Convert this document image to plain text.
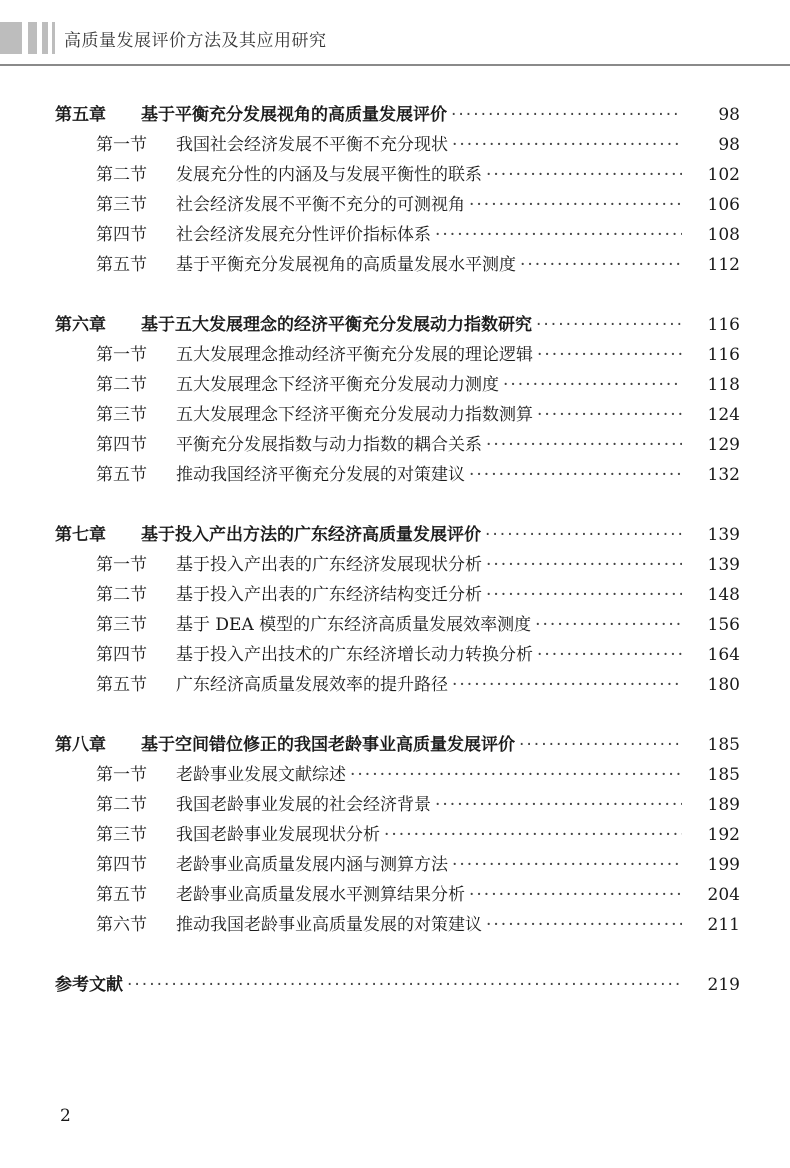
高质量发展评价方法及其应用研究
第五章	基于平衡充分发展视角的高质量发展评价 ·····	98
第一节	我国社会经济发展不平衡不充分现状 ·····	98
第二节	发展充分性的内涵及与发展平衡性的联系 ·····	102
第三节	社会经济发展不平衡不充分的可测视角 ·····	106
第四节	社会经济发展充分性评价指标体系 ·····	108
第五节	基于平衡充分发展视角的高质量发展水平测度 ·····	112
第六章	基于五大发展理念的经济平衡充分发展动力指数研究 ·····	116
第一节	五大发展理念推动经济平衡充分发展的理论逻辑 ·····	116
第二节	五大发展理念下经济平衡充分发展动力测度 ·····	118
第三节	五大发展理念下经济平衡充分发展动力指数测算 ·····	124
第四节	平衡充分发展指数与动力指数的耦合关系 ·····	129
第五节	推动我国经济平衡充分发展的对策建议 ·····	132
第七章	基于投入产出方法的广东经济高质量发展评价 ·····	139
第一节	基于投入产出表的广东经济发展现状分析 ·····	139
第二节	基于投入产出表的广东经济结构变迁分析 ·····	148
第三节	基于 DEA 模型的广东经济高质量发展效率测度 ·····	156
第四节	基于投入产出技术的广东经济增长动力转换分析 ·····	164
第五节	广东经济高质量发展效率的提升路径 ·····	180
第八章	基于空间错位修正的我国老龄事业高质量发展评价 ·····	185
第一节	老龄事业发展文献综述 ·····	185
第二节	我国老龄事业发展的社会经济背景 ·····	189
第三节	我国老龄事业发展现状分析 ·····	192
第四节	老龄事业高质量发展内涵与测算方法 ·····	199
第五节	老龄事业高质量发展水平测算结果分析 ·····	204
第六节	推动我国老龄事业高质量发展的对策建议 ·····	211
参考文献 ·····	219
2
